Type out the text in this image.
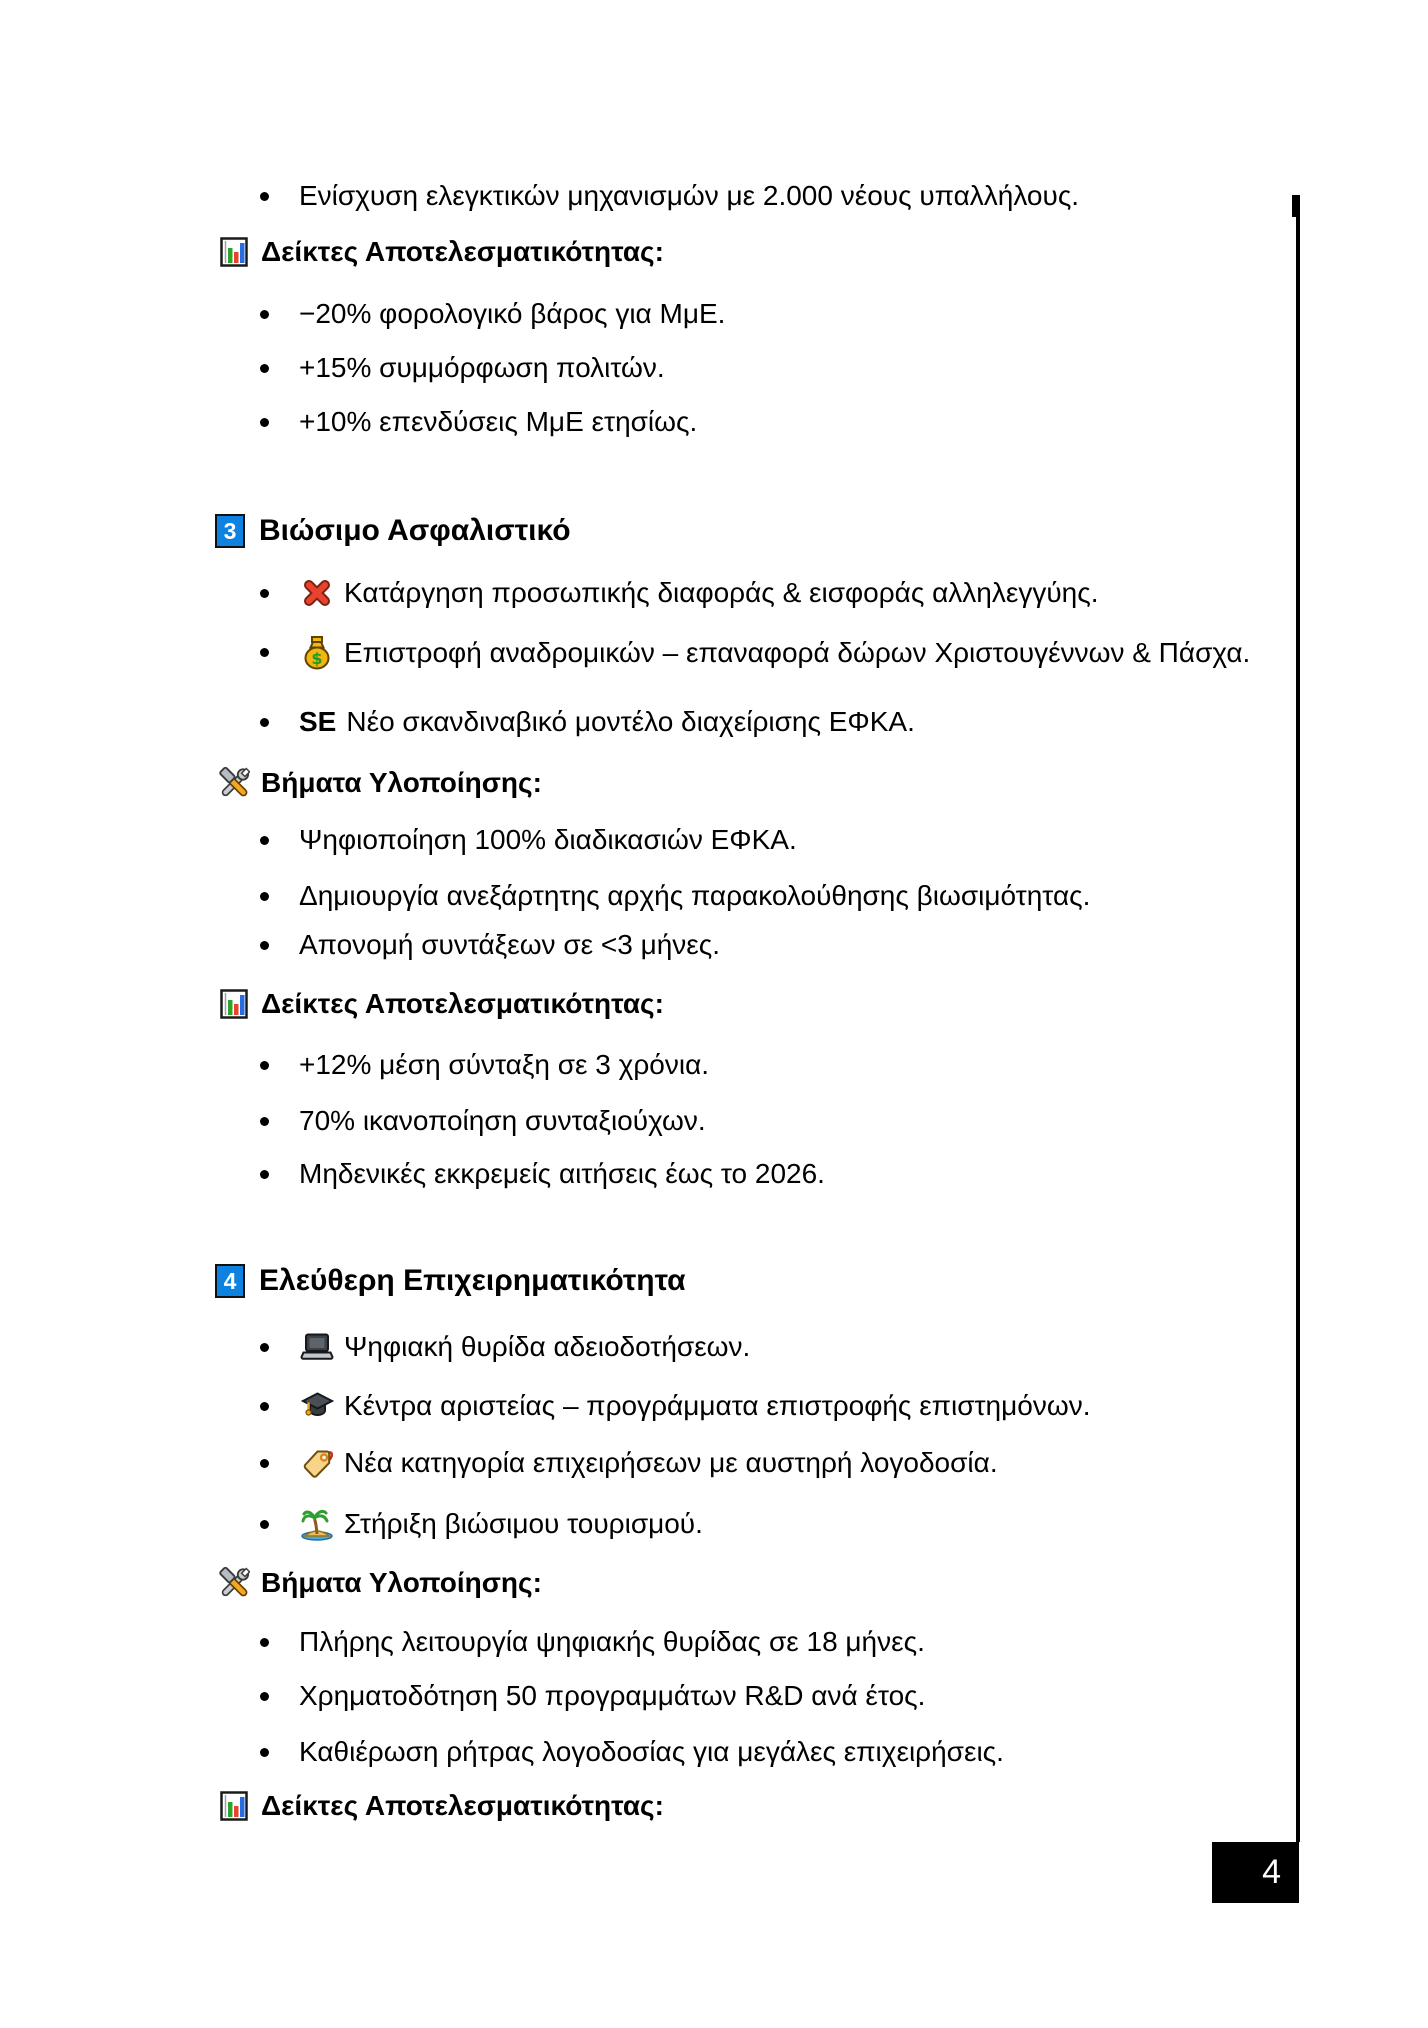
Ενίσχυση ελεγκτικών μηχανισμών με 2.000 νέους υπαλλήλους.
Δείκτες Αποτελεσματικότητας:
−20% φορολογικό βάρος για ΜμΕ.
+15% συμμόρφωση πολιτών.
+10% επενδύσεις ΜμΕ ετησίως.
3 Βιώσιμο Ασφαλιστικό
Κατάργηση προσωπικής διαφοράς & εισφοράς αλληλεγγύης.
$ Επιστροφή αναδρομικών – επαναφορά δώρων Χριστουγέννων & Πάσχα.
SE Νέο σκανδιναβικό μοντέλο διαχείρισης ΕΦΚΑ.
Βήματα Υλοποίησης:
Ψηφιοποίηση 100% διαδικασιών ΕΦΚΑ.
Δημιουργία ανεξάρτητης αρχής παρακολούθησης βιωσιμότητας.
Απονομή συντάξεων σε <3 μήνες.
Δείκτες Αποτελεσματικότητας:
+12% μέση σύνταξη σε 3 χρόνια.
70% ικανοποίηση συνταξιούχων.
Μηδενικές εκκρεμείς αιτήσεις έως το 2026.
4 Ελεύθερη Επιχειρηματικότητα
Ψηφιακή θυρίδα αδειοδοτήσεων.
Κέντρα αριστείας – προγράμματα επιστροφής επιστημόνων.
Νέα κατηγορία επιχειρήσεων με αυστηρή λογοδοσία.
Στήριξη βιώσιμου τουρισμού.
Βήματα Υλοποίησης:
Πλήρης λειτουργία ψηφιακής θυρίδας σε 18 μήνες.
Χρηματοδότηση 50 προγραμμάτων R&D ανά έτος.
Καθιέρωση ρήτρας λογοδοσίας για μεγάλες επιχειρήσεις.
Δείκτες Αποτελεσματικότητας:
4
